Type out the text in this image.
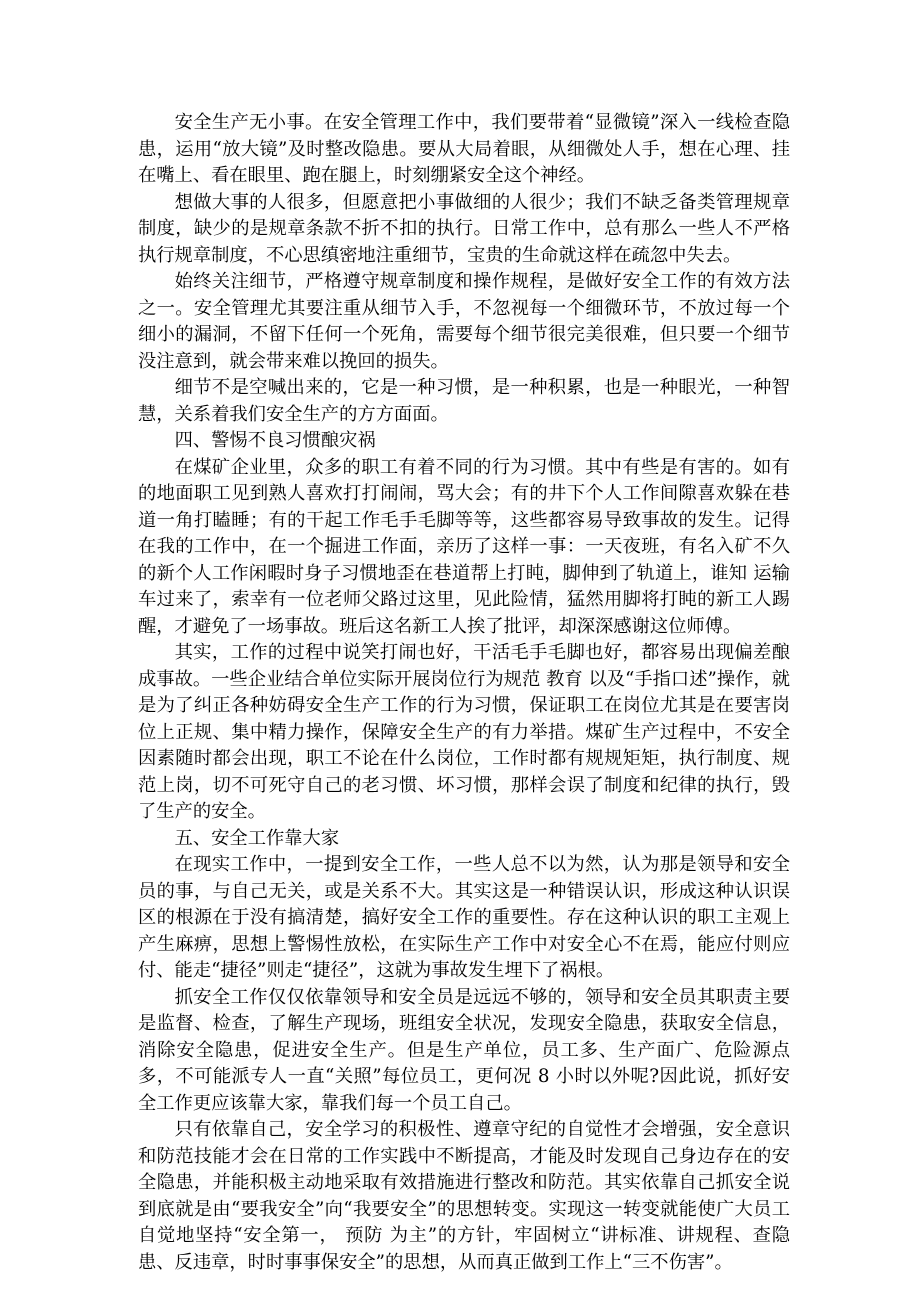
安全生产无小事。在安全管理工作中，我们要带着“显微镜”深入一线检查隐患，运用“放大镜”及时整改隐患。要从大局着眼，从细微处人手，想在心理、挂在嘴上、看在眼里、跑在腿上，时刻绷紧安全这个神经。

想做大事的人很多，但愿意把小事做细的人很少；我们不缺乏备类管理规章制度，缺少的是规章条款不折不扣的执行。日常工作中，总有那么一些人不严格执行规章制度，不心思缜密地注重细节，宝贵的生命就这样在疏忽中失去。

始终关注细节，严格遵守规章制度和操作规程，是做好安全工作的有效方法之一。安全管理尤其要注重从细节入手，不忽视每一个细微环节，不放过每一个细小的漏洞，不留下任何一个死角，需要每个细节很完美很难，但只要一个细节没注意到，就会带来难以挽回的损失。

细节不是空喊出来的，它是一种习惯，是一种积累，也是一种眼光，一种智慧，关系着我们安全生产的方方面面。

四、警惕不良习惯酿灾祸

在煤矿企业里，众多的职工有着不同的行为习惯。其中有些是有害的。如有的地面职工见到熟人喜欢打打闹闹，骂大会；有的井下个人工作间隙喜欢躲在巷道一角打瞌睡；有的干起工作毛手毛脚等等，这些都容易导致事故的发生。记得在我的工作中，在一个掘进工作面，亲历了这样一事：一天夜班，有名入矿不久的新个人工作闲暇时身子习惯地歪在巷道帮上打盹，脚伸到了轨道上，谁知 运输 车过来了，索幸有一位老师父路过这里，见此险情，猛然用脚将打盹的新工人踢醒，才避免了一场事故。班后这名新工人挨了批评，却深深感谢这位师傅。

其实，工作的过程中说笑打闹也好，干活毛手毛脚也好，都容易出现偏差酿成事故。一些企业结合单位实际开展岗位行为规范 教育 以及“手指口述”操作，就是为了纠正各种妨碍安全生产工作的行为习惯，保证职工在岗位尤其是在要害岗位上正规、集中精力操作，保障安全生产的有力举措。煤矿生产过程中，不安全因素随时都会出现，职工不论在什么岗位，工作时都有规规矩矩，执行制度、规范上岗，切不可死守自己的老习惯、坏习惯，那样会误了制度和纪律的执行，毁了生产的安全。

五、安全工作靠大家

在现实工作中，一提到安全工作，一些人总不以为然，认为那是领导和安全员的事，与自己无关，或是关系不大。其实这是一种错误认识，形成这种认识误区的根源在于没有搞清楚，搞好安全工作的重要性。存在这种认识的职工主观上产生麻痹，思想上警惕性放松，在实际生产工作中对安全心不在焉，能应付则应付、能走“捷径”则走“捷径”，这就为事故发生埋下了祸根。

抓安全工作仅仅依靠领导和安全员是远远不够的，领导和安全员其职责主要是监督、检查，了解生产现场，班组安全状况，发现安全隐患，获取安全信息，消除安全隐患，促进安全生产。但是生产单位，员工多、生产面广、危险源点多，不可能派专人一直“关照”每位员工，更何况 8 小时以外呢?因此说，抓好安全工作更应该靠大家，靠我们每一个员工自己。

只有依靠自己，安全学习的积极性、遵章守纪的自觉性才会增强，安全意识和防范技能才会在日常的工作实践中不断提高，才能及时发现自己身边存在的安全隐患，并能积极主动地采取有效措施进行整改和防范。其实依靠自己抓安全说到底就是由“要我安全”向“我要安全”的思想转变。实现这一转变就能使广大员工自觉地坚持“安全第一， 预防 为主”的方针，牢固树立“讲标准、讲规程、查隐患、反违章，时时事事保安全”的思想，从而真正做到工作上“三不伤害”。
